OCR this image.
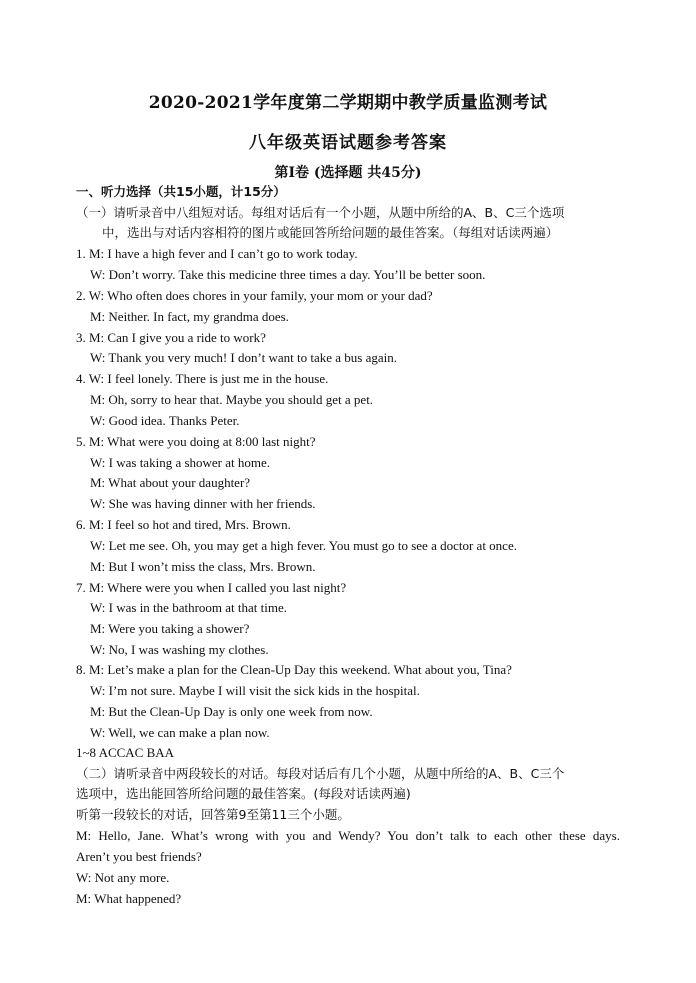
2020-2021学年度第二学期期中教学质量监测考试
八年级英语试题参考答案
第Ⅰ卷 (选择题 共45分)
一、听力选择（共15小题，计15分）
（一）请听录音中八组短对话。每组对话后有一个小题，从题中所给的A、B、C三个选项
中，选出与对话内容相符的图片或能回答所给问题的最佳答案。（每组对话读两遍）
1. M: I have a high fever and I can’t go to work today.
W: Don’t worry. Take this medicine three times a day. You’ll be better soon.
2. W: Who often does chores in your family, your mom or your dad?
M: Neither. In fact, my grandma does.
3. M: Can I give you a ride to work?
W: Thank you very much! I don’t want to take a bus again.
4. W: I feel lonely. There is just me in the house.
M: Oh, sorry to hear that. Maybe you should get a pet.
W: Good idea. Thanks Peter.
5. M: What were you doing at 8:00 last night?
W: I was taking a shower at home.
M: What about your daughter?
W: She was having dinner with her friends.
6. M: I feel so hot and tired, Mrs. Brown.
W: Let me see. Oh, you may get a high fever. You must go to see a doctor at once.
M: But I won’t miss the class, Mrs. Brown.
7. M: Where were you when I called you last night?
W: I was in the bathroom at that time.
M: Were you taking a shower?
W: No, I was washing my clothes.
8. M: Let’s make a plan for the Clean-Up Day this weekend. What about you, Tina?
W: I’m not sure. Maybe I will visit the sick kids in the hospital.
M: But the Clean-Up Day is only one week from now.
W: Well, we can make a plan now.
1~8 ACCAC BAA
（二）请听录音中两段较长的对话。每段对话后有几个小题，从题中所给的A、B、C三个
选项中，选出能回答所给问题的最佳答案。(每段对话读两遍)
听第一段较长的对话，回答第9至第11三个小题。
M: Hello, Jane. What’s wrong with you and Wendy? You don’t talk to each other these days.
Aren’t you best friends?
W: Not any more.
M: What happened?
